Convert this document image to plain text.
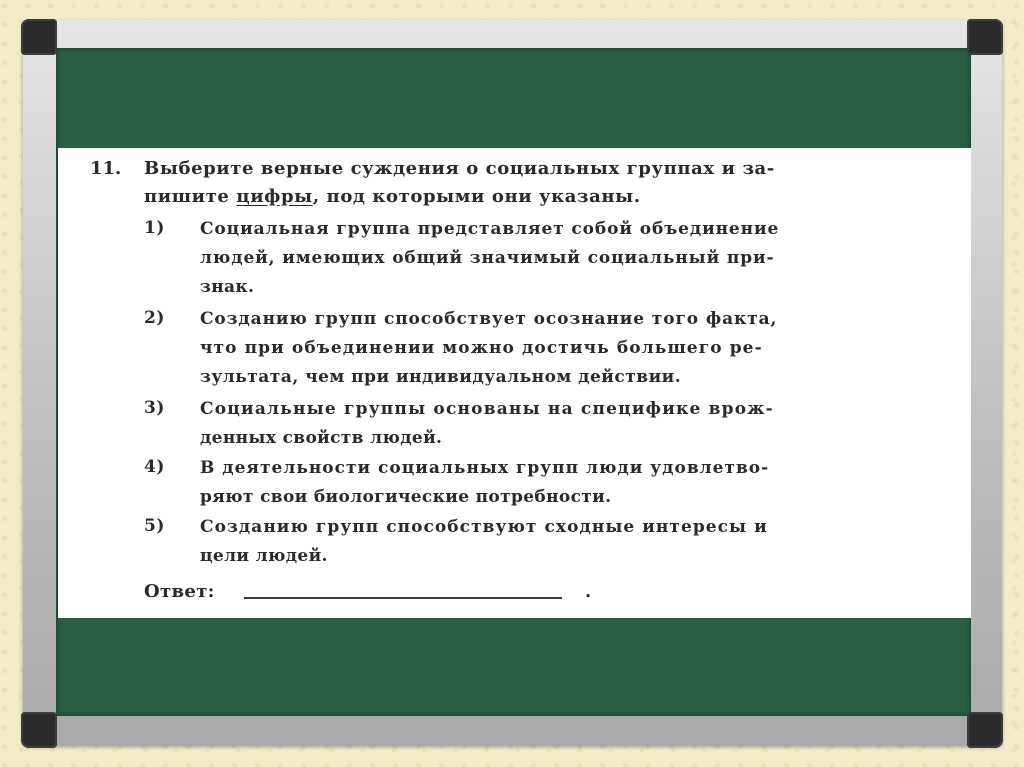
11. Выберите верные суждения о социальных группах и за-
пишите цифры, под которыми они указаны.
1) Социальная группа представляет собой объединение
людей, имеющих общий значимый социальный при-
знак.
2) Созданию групп способствует осознание того факта,
что при объединении можно достичь большего ре-
зультата, чем при индивидуальном действии.
3) Социальные группы основаны на специфике врож-
денных свойств людей.
4) В деятельности социальных групп люди удовлетво-
ряют свои биологические потребности.
5) Созданию групп способствуют сходные интересы и
цели людей.
Ответ:	.
